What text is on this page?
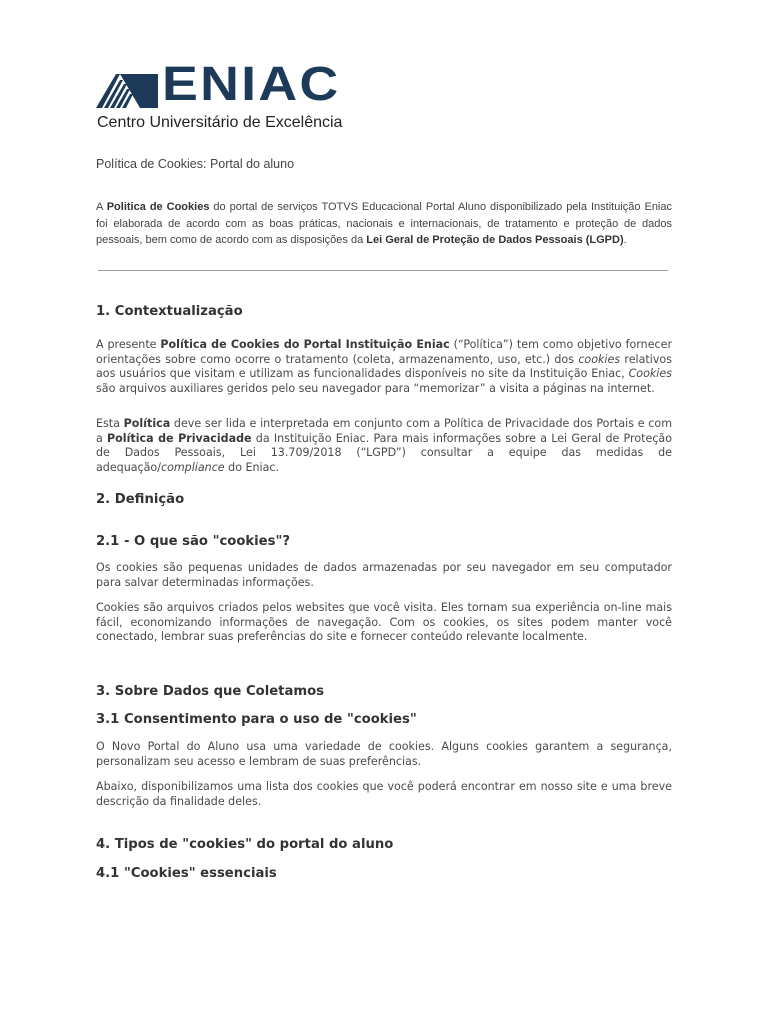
ENIAC
Centro Universitário de Excelência
Política de Cookies: Portal do aluno

A Politica de Cookies do portal de serviços TOTVS Educacional Portal Aluno disponibilizado pela Instituição Eniac foi elaborada de acordo com as boas práticas, nacionais e internacionais, de tratamento e proteção de dados pessoais, bem como de acordo com as disposições da Lei Geral de Proteção de Dados Pessoais (LGPD).

1. Contextualização

A presente Política de Cookies do Portal Instituição Eniac (“Política”) tem como objetivo fornecer orientações sobre como ocorre o tratamento (coleta, armazenamento, uso, etc.) dos cookies relativos aos usuários que visitam e utilizam as funcionalidades disponíveis no site da Instituição Eniac, Cookies são arquivos auxiliares geridos pelo seu navegador para “memorizar” a visita a páginas na internet.

Esta Política deve ser lida e interpretada em conjunto com a Política de Privacidade dos Portais e com a Política de Privacidade da Instituição Eniac. Para mais informações sobre a Lei Geral de Proteção de Dados Pessoais, Lei 13.709/2018 (“LGPD”) consultar a equipe das medidas de adequação/compliance do Eniac.

2. Definição
2.1 - O que são "cookies"?

Os cookies são pequenas unidades de dados armazenadas por seu navegador em seu computador para salvar determinadas informações.

Cookies são arquivos criados pelos websites que você visita. Eles tornam sua experiência on-line mais fácil, economizando informações de navegação. Com os cookies, os sites podem manter você conectado, lembrar suas preferências do site e fornecer conteúdo relevante localmente.

3. Sobre Dados que Coletamos
3.1 Consentimento para o uso de "cookies"

O Novo Portal do Aluno usa uma variedade de cookies. Alguns cookies garantem a segurança, personalizam seu acesso e lembram de suas preferências.

Abaixo, disponibilizamos uma lista dos cookies que você poderá encontrar em nosso site e uma breve descrição da finalidade deles.

4. Tipos de "cookies" do portal do aluno
4.1 "Cookies" essenciais
